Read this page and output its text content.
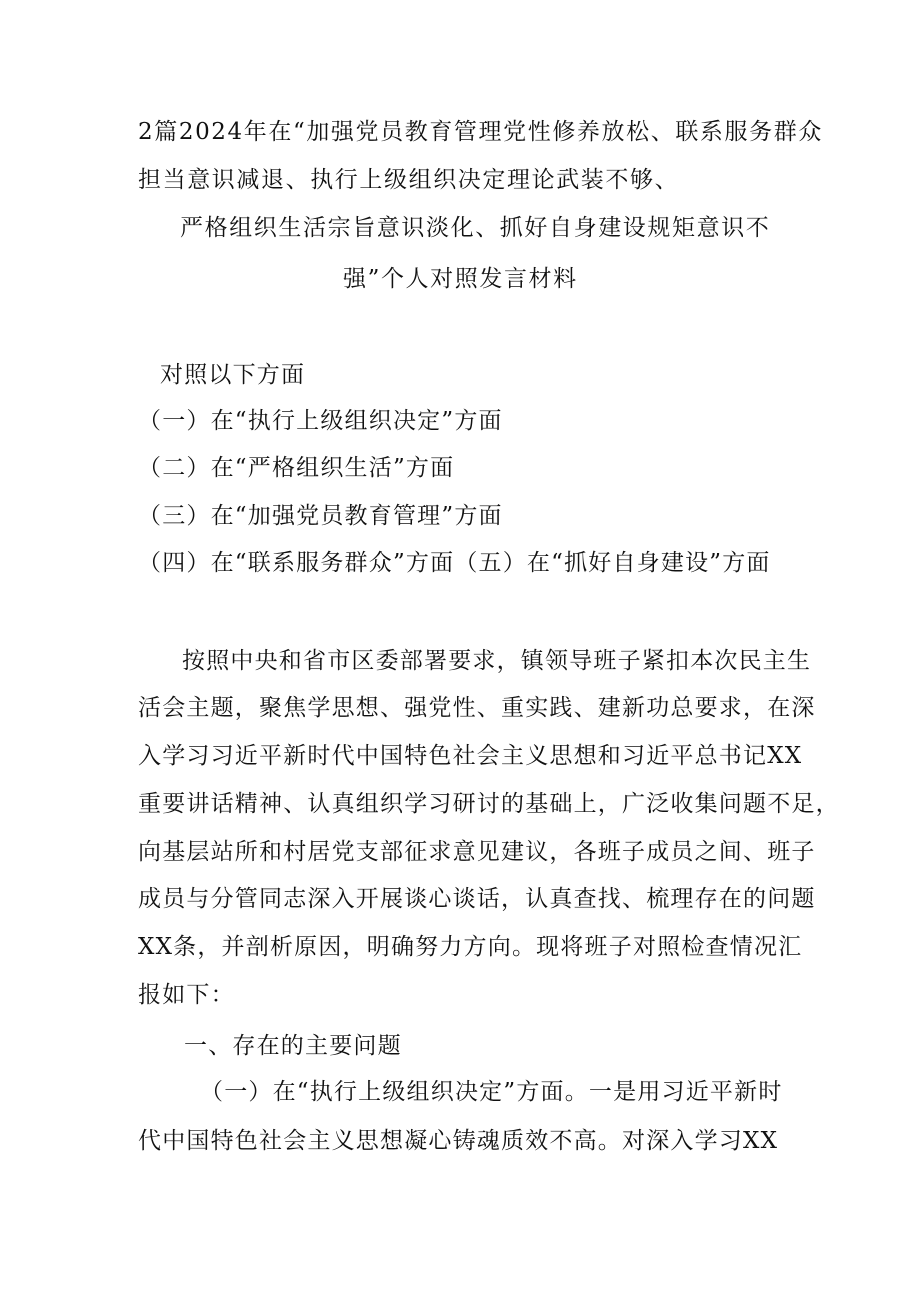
2篇2024年在“加强党员教育管理党性修养放松、联系服务群众
担当意识减退、执行上级组织决定理论武装不够、
严格组织生活宗旨意识淡化、抓好自身建设规矩意识不
强”个人对照发言材料
对照以下方面
（一）在“执行上级组织决定”方面
（二）在“严格组织生活”方面
（三）在“加强党员教育管理”方面
（四）在“联系服务群众”方面（五）在“抓好自身建设”方面
按照中央和省市区委部署要求，镇领导班子紧扣本次民主生
活会主题，聚焦学思想、强党性、重实践、建新功总要求，在深
入学习习近平新时代中国特色社会主义思想和习近平总书记XX
重要讲话精神、认真组织学习研讨的基础上，广泛收集问题不足，
向基层站所和村居党支部征求意见建议，各班子成员之间、班子
成员与分管同志深入开展谈心谈话，认真查找、梳理存在的问题
XX条，并剖析原因，明确努力方向。现将班子对照检查情况汇
报如下：
一、存在的主要问题
（一）在“执行上级组织决定”方面。一是用习近平新时
代中国特色社会主义思想凝心铸魂质效不高。对深入学习XX
